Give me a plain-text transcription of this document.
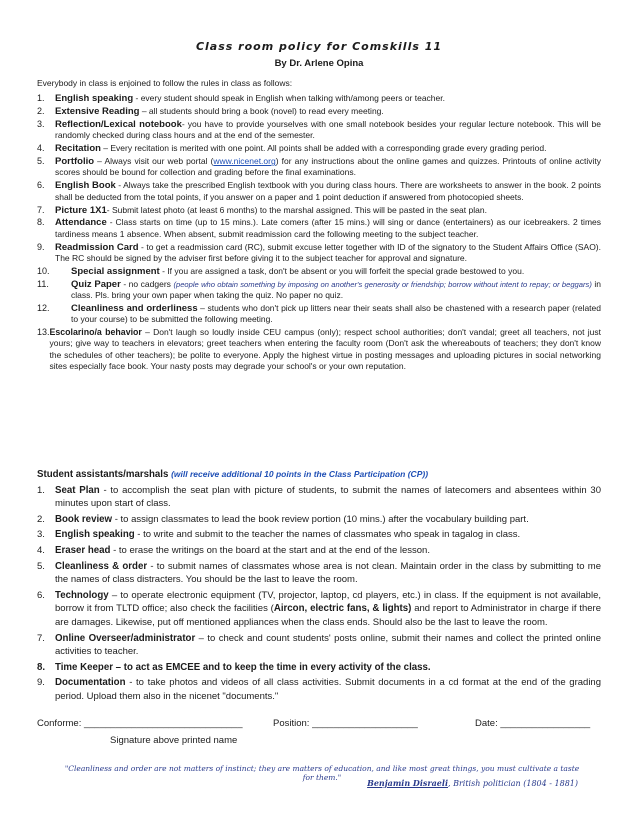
Class room policy for Comskills 11
By Dr. Arlene Opina

Everybody in class is enjoined to follow the rules in class as follows:

1.	English speaking - every student should speak in English when talking with/among peers or teacher.
2.	Extensive Reading – all students should bring a book (novel) to read every meeting.
3.	Reflection/Lexical notebook- you have to provide yourselves with one small notebook besides your regular lecture notebook. This will be randomly checked during class hours and at the end of the semester.
4.	Recitation – Every recitation is merited with one point. All points shall be added with a corresponding grade every grading period.
5.	Portfolio – Always visit our web portal (www.nicenet.org) for any instructions about the online games and quizzes. Printouts of online activity scores should be bound for collection and grading before the final examinations.
6.	English Book - Always take the prescribed English textbook with you during class hours. There are worksheets to answer in the book. 2 points shall be deducted from the total points, if you answer on a paper and 1 point deduction if answered from photocopied sheets.
7.	Picture 1X1- Submit latest photo (at least 6 months) to the marshal assigned. This will be pasted in the seat plan.
8.	Attendance - Class starts on time (up to 15 mins.). Late comers (after 15 mins.) will sing or dance (entertainers) as our icebreakers. 2 times tardiness means 1 absence. When absent, submit readmission card the following meeting to the subject teacher.
9.	Readmission Card - to get a readmission card (RC), submit excuse letter together with ID of the signatory to the Student Affairs Office (SAO). The RC should be signed by the adviser first before giving it to the subject teacher for approval and signature.
10.	Special assignment - If you are assigned a task, don't be absent or you will forfeit the special grade bestowed to you.
11.	Quiz Paper - no cadgers (people who obtain something by imposing on another's generosity or friendship; borrow without intent to repay; or beggars) in class. Pls. bring your own paper when taking the quiz. No paper no quiz.
12.	Cleanliness and orderliness – students who don't pick up litters near their seats shall also be chastened with a research paper (related to your course) to be submitted the following meeting.
13. Escolarino/a behavior – Don't laugh so loudly inside CEU campus (only); respect school authorities; don't vandal; greet all teachers, not just yours; give way to teachers in elevators; greet teachers when entering the faculty room (Don't ask the whereabouts of teachers; they don't know the schedules of other teachers); be polite to everyone. Apply the highest virtue in posting messages and uploading pictures in social networking sites especially face book. Your nasty posts may degrade your school's or your own reputation.

Student assistants/marshals (will receive additional 10 points in the Class Participation (CP))

1.	Seat Plan - to accomplish the seat plan with picture of students, to submit the names of latecomers and absentees within 30 minutes upon start of class.
2.	Book review - to assign classmates to lead the book review portion (10 mins.) after the vocabulary building part.
3.	English speaking - to write and submit to the teacher the names of classmates who speak in tagalog in class.
4.	Eraser head - to erase the writings on the board at the start and at the end of the lesson.
5.	Cleanliness & order - to submit names of classmates whose area is not clean. Maintain order in the class by submitting to me the names of class distracters. You should be the last to leave the room.
6.	Technology – to operate electronic equipment (TV, projector, laptop, cd players, etc.) in class. If the equipment is not available, borrow it from TLTD office; also check the facilities (Aircon, electric fans, & lights) and report to Administrator in charge if there are damages. Likewise, put off mentioned appliances when the class ends. Should also be the last to leave the room.
7.	Online Overseer/administrator – to check and count students' posts online, submit their names and collect the printed online activities to teacher.
8.	Time Keeper – to act as EMCEE and to keep the time in every activity of the class.
9.	Documentation - to take photos and videos of all class activities. Submit documents in a cd format at the end of the grading period. Upload them also in the nicenet "documents."
Conforme: ______________________________	Position: ____________________	Date: _________________
Signature above printed name
"Cleanliness and order are not matters of instinct; they are matters of education, and like most great things, you must cultivate a taste for them."
Benjamin Disraeli, British politician (1804 - 1881)
